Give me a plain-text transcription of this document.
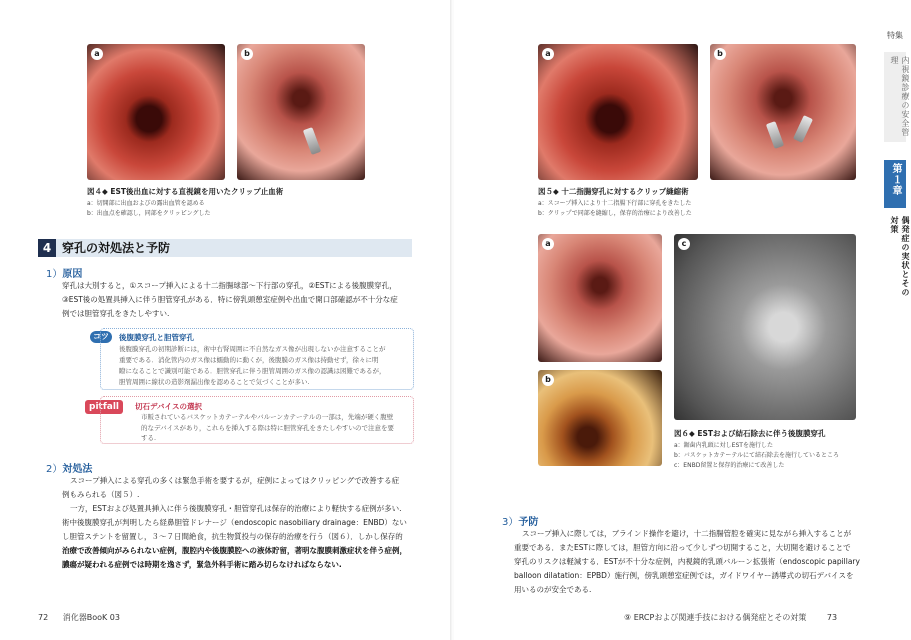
a	b
図４◆ EST後出血に対する直視鏡を用いたクリップ止血術
a：切開部に出血およびの露出血管を認める
b：出血点を確認し，同部をクリッピングした
4 穿孔の対処法と予防
1）原因
穿孔は大別すると，①スコープ挿入による十二指腸球部〜下行部の穿孔，②ESTによる後腹膜穿孔，
③EST後の処置具挿入に伴う胆管穿孔がある．特に傍乳頭憩室症例や出血で開口部確認が不十分な症
例では胆管穿孔をきたしやすい.
コツ	後腹膜穿孔と胆管穿孔
後腹膜穿孔の初期診断には，術中右腎周囲に不自然なガス像が出現しないか注意することが
重要である．消化管内のガス像は蠕動的に動くが，後腹膜のガス像は持動せず，徐々に明
瞭になることで識別可能である．胆管穿孔に伴う胆管周囲のガス像の認識は困難であるが，
胆管周囲に線状の造影剤漏出像を認めることで気づくことが多い.
pitfall	切石デバイスの選択
市販されているバスケットカテーテルやバルーンカテーテルの一部は，先端が硬く腹壁
的なデバイスがあり，これらを挿入する際は特に胆管穿孔をきたしやすいので注意を要
する.
2）対処法
スコープ挿入による穿孔の多くは緊急手術を要するが，症例によってはクリッピングで改善する症
例もみられる（図５）.
一方，ESTおよび処置具挿入に伴う後腹膜穿孔・胆管穿孔は保存的治療により軽快する症例が多い.
術中後腹膜穿孔が判明したら経鼻胆管ドレナージ（endoscopic nasobiliary drainage：ENBD）ない
し胆管ステントを留置し，３〜７日間絶食，抗生物質投与の保存的治療を行う（図６）．しかし保存的
治療で改善傾向がみられない症例，腹腔内や後腹膜腔への液体貯留，著明な腹膜刺激症状を伴う症例，
膿瘍が疑われる症例では時期を逸さず，緊急外科手術に踏み切らなければならない.
72 消化器BooK 03
a	b
図５◆ 十二指腸穿孔に対するクリップ縫縮術
a：スコープ挿入により十二指腸下行部に穿孔をきたした
b：クリップで同部を縫縮し，保存的治療により改善した
a
b
c
図６◆ ESTおよび結石除去に伴う後腹膜穿孔
a：鋸歯内乳頭に対しESTを施行した
b：バスケットカテーテルにて結石除去を施行しているところ
c：ENBD留置と保存的治療にて改善した
3）予防
スコープ挿入に際しては，ブラインド操作を避け，十二指腸管腔を確実に見ながら挿入することが
重要である．またESTに際しては，胆管方向に沿って少しずつ切開すること，大切開を避けることで
穿孔のリスクは軽減する．ESTが不十分な症例，内視鏡的乳頭バルーン拡張術（endoscopic papillary
balloon dilatation：EPBD）施行例，傍乳頭憩室症例では，ガイドワイヤー誘導式の切石デバイスを
用いるのが安全である.
特集
内視鏡診療の安全管理
第１章
偶発症の実状とその対策
⑨ ERCPおよび関連手技における偶発症とその対策	73
